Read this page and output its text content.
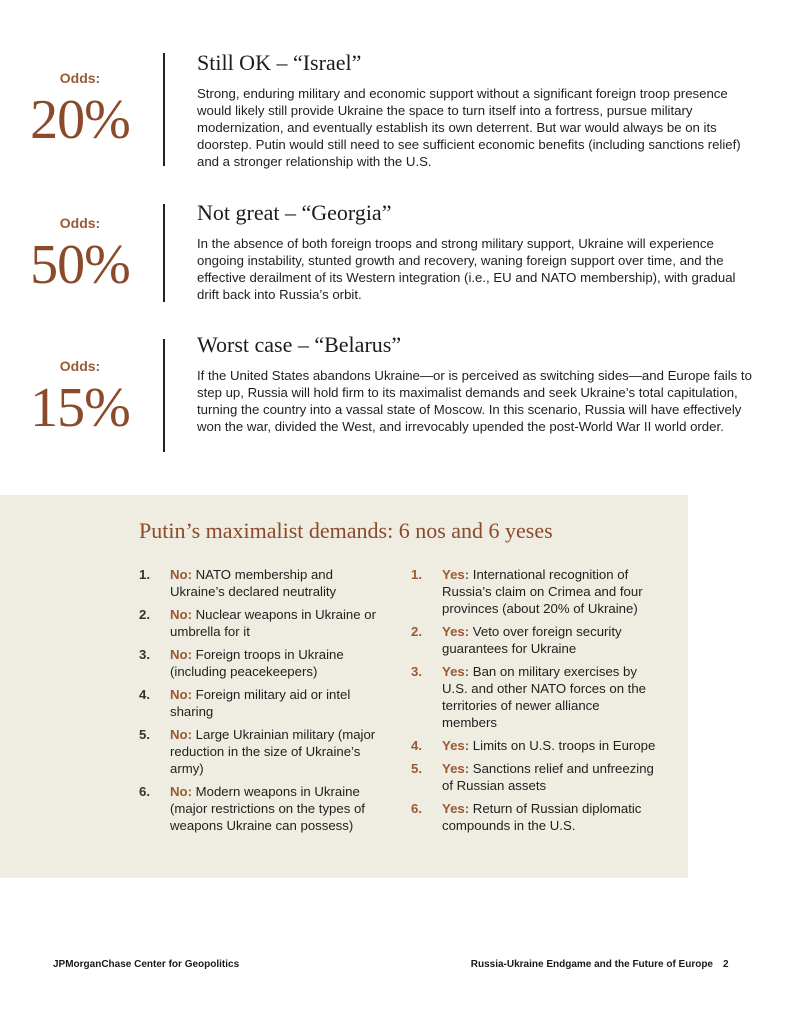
Odds:
20%
Still OK – “Israel”
Strong, enduring military and economic support without a significant foreign troop presence would likely still provide Ukraine the space to turn itself into a fortress, pursue military modernization, and eventually establish its own deterrent. But war would always be on its doorstep. Putin would still need to see sufficient economic benefits (including sanctions relief) and a stronger relationship with the U.S.
Odds:
50%
Not great – “Georgia”
In the absence of both foreign troops and strong military support, Ukraine will experience ongoing instability, stunted growth and recovery, waning foreign support over time, and the effective derailment of its Western integration (i.e., EU and NATO membership), with gradual drift back into Russia’s orbit.
Odds:
15%
Worst case – “Belarus”
If the United States abandons Ukraine—or is perceived as switching sides—and Europe fails to step up, Russia will hold firm to its maximalist demands and seek Ukraine’s total capitulation, turning the country into a vassal state of Moscow. In this scenario, Russia will have effectively won the war, divided the West, and irrevocably upended the post-World War II world order.
Putin’s maximalist demands: 6 nos and 6 yeses
1. No: NATO membership and Ukraine’s declared neutrality
2. No: Nuclear weapons in Ukraine or umbrella for it
3. No: Foreign troops in Ukraine (including peacekeepers)
4. No: Foreign military aid or intel sharing
5. No: Large Ukrainian military (major reduction in the size of Ukraine’s army)
6. No: Modern weapons in Ukraine (major restrictions on the types of weapons Ukraine can possess)
1. Yes: International recognition of Russia’s claim on Crimea and four provinces (about 20% of Ukraine)
2. Yes: Veto over foreign security guarantees for Ukraine
3. Yes: Ban on military exercises by U.S. and other NATO forces on the territories of newer alliance members
4. Yes: Limits on U.S. troops in Europe
5. Yes: Sanctions relief and unfreezing of Russian assets
6. Yes: Return of Russian diplomatic compounds in the U.S.
JPMorganChase Center for Geopolitics	Russia-Ukraine Endgame and the Future of Europe 2
